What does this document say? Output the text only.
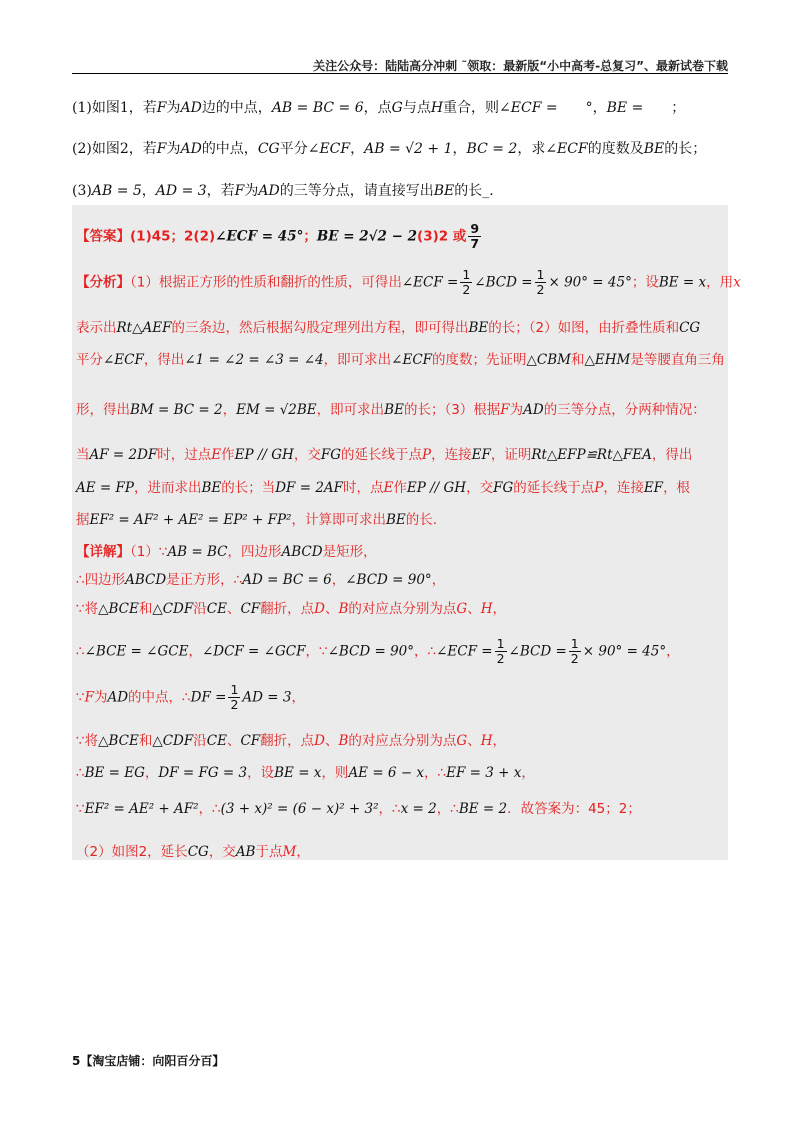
关注公众号：陆陆高分冲刺 ˜领取：最新版“小中高考-总复习”、最新试卷下载
(1)如图1，若F为AD边的中点，AB = BC = 6，点G与点H重合，则∠ECF =　　°，BE =　　；
(2)如图2，若F为AD的中点，CG平分∠ECF，AB = √2 + 1，BC = 2，求∠ECF的度数及BE的长；
(3)AB = 5，AD = 3，若F为AD的三等分点，请直接写出BE的长_.
【答案】(1)45；2(2)∠ECF = 45°；BE = 2√2 − 2(3)2 或 $\frac{9}{7}$
【分析】（1）根据正方形的性质和翻折的性质，可得出∠ECF = $\frac{1}{2}$ ∠BCD = $\frac{1}{2} \times 90^\circ = 45^\circ$；设BE = x，用x
表示出Rt△AEF的三条边，然后根据勾股定理列出方程，即可得出BE的长；（2）如图，由折叠性质和CG
平分∠ECF，得出∠1 = ∠2 = ∠3 = ∠4，即可求出∠ECF的度数；先证明△CBM和△EHM是等腰直角三角
形，得出BM = BC = 2，EM = √2BE，即可求出BE的长；（3）根据F为AD的三等分点，分两种情况：
当AF = 2DF时，过点E作EP // GH，交FG的延长线于点P，连接EF，证明Rt△EFP≌Rt△FEA，得出
AE = FP，进而求出BE的长；当DF = 2AF时，点E作EP // GH，交FG的延长线于点P，连接EF，根
据EF² = AF² + AE² = EP² + FP²，计算即可求出BE的长.
【详解】（1）∵AB = BC，四边形ABCD是矩形，
∴四边形ABCD是正方形，∴AD = BC = 6，∠BCD = 90°，
∵将△BCE和△CDF沿CE、CF翻折，点D、B的对应点分别为点G、H，
∴∠BCE = ∠GCE，∠DCF = ∠GCF，∵∠BCD = 90°，∴∠ECF = $\frac{1}{2}$ ∠BCD = $\frac{1}{2} \times 90^\circ = 45^\circ$，
∵F为AD的中点，∴DF = $\frac{1}{2}$ AD = 3，
∵将△BCE和△CDF沿CE、CF翻折，点D、B的对应点分别为点G、H，
∴BE = EG，DF = FG = 3，设BE = x，则AE = 6 − x，∴EF = 3 + x，
∵EF² = AE² + AF²，∴(3 + x)² = (6 − x)² + 3²，∴x = 2，∴BE = 2．故答案为：45；2；
（2）如图2，延长CG，交AB于点M，
5【淘宝店铺：向阳百分百】
